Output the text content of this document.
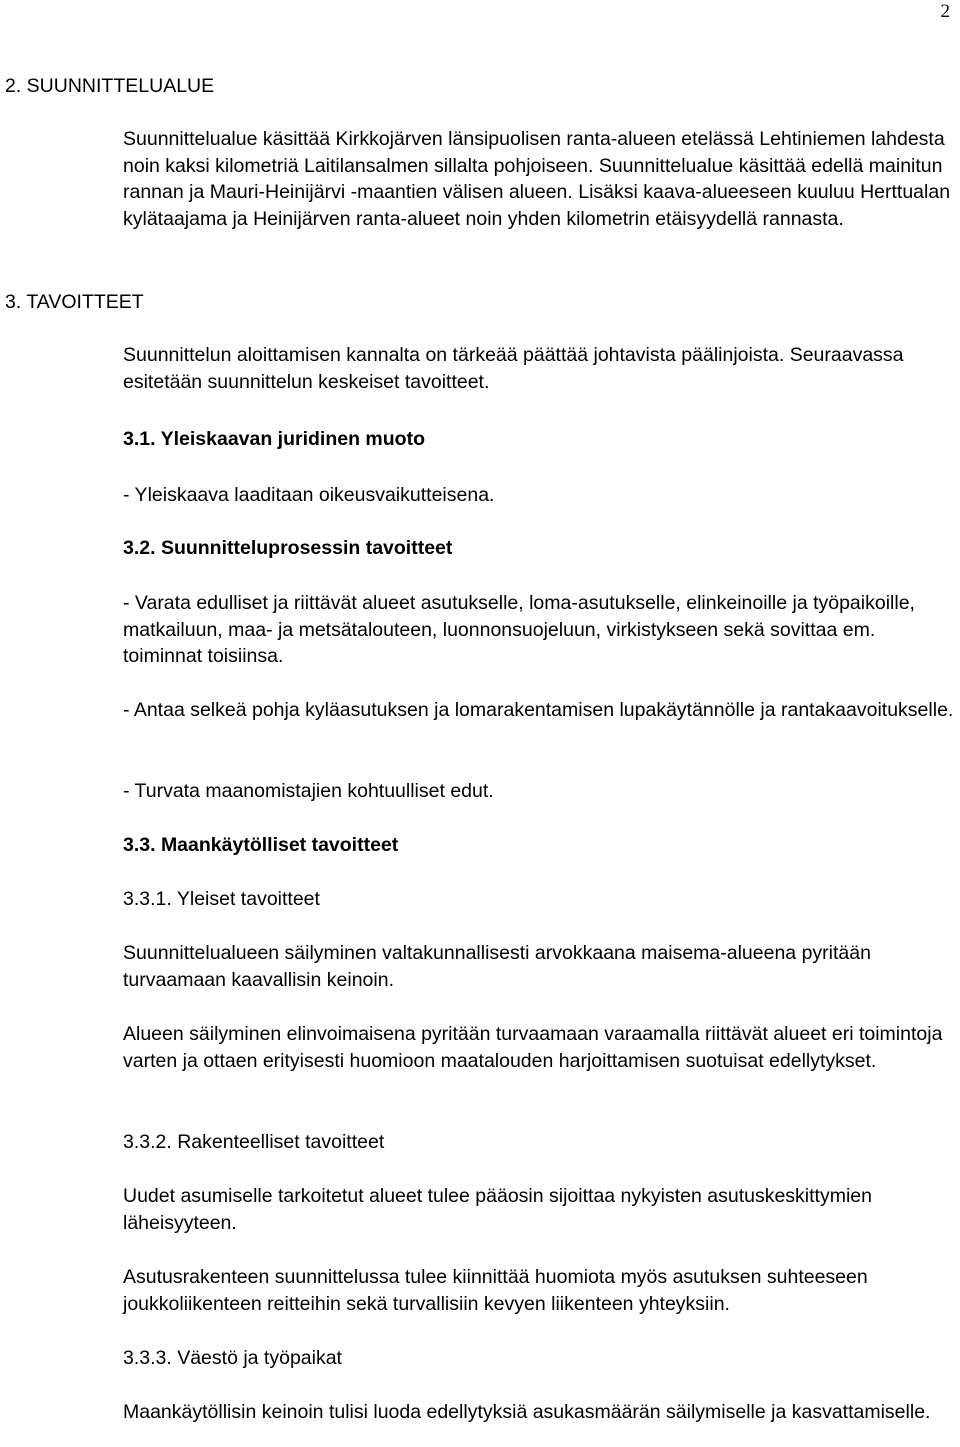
2
2. SUUNNITTELUALUE
3. TAVOITTEET

Suunnittelualue käsittää Kirkkojärven länsipuolisen ranta-alueen etelässä Lehtiniemen lahdesta noin kaksi kilometriä Laitilansalmen sillalta pohjoiseen. Suunnittelualue käsittää edellä mainitun rannan ja Mauri-Heinijärvi -maantien välisen alueen. Lisäksi kaava-alueeseen kuuluu Herttualan kylätaajama ja Heinijärven ranta-alueet noin yhden kilometrin etäisyydellä rannasta.

Suunnittelun aloittamisen kannalta on tärkeää päättää johtavista päälinjoista. Seuraavassa esitetään suunnittelun keskeiset tavoitteet.

3.1. Yleiskaavan juridinen muoto

- Yleiskaava laaditaan oikeusvaikutteisena.

3.2. Suunnitteluprosessin tavoitteet

- Varata edulliset ja riittävät alueet asutukselle, loma-asutukselle, elinkeinoille ja työpaikoille, matkailuun, maa- ja metsätalouteen, luonnonsuojeluun, virkistykseen sekä sovittaa em. toiminnat toisiinsa.

- Antaa selkeä pohja kyläasutuksen ja lomarakentamisen lupakäytännölle ja rantakaavoitukselle.

- Turvata maanomistajien kohtuulliset edut.

3.3. Maankäytölliset tavoitteet

3.3.1. Yleiset tavoitteet

Suunnittelualueen säilyminen valtakunnallisesti arvokkaana maisema-alueena pyritään turvaamaan kaavallisin keinoin.

Alueen säilyminen elinvoimaisena pyritään turvaamaan varaamalla riittävät alueet eri toimintoja varten ja ottaen erityisesti huomioon maatalouden harjoittamisen suotuisat edellytykset.

3.3.2. Rakenteelliset tavoitteet

Uudet asumiselle tarkoitetut alueet tulee pääosin sijoittaa nykyisten asutuskeskittymien läheisyyteen.

Asutusrakenteen suunnittelussa tulee kiinnittää huomiota myös asutuksen suhteeseen joukkoliikenteen reitteihin sekä turvallisiin kevyen liikenteen yhteyksiin.

3.3.3. Väestö ja työpaikat

Maankäytöllisin keinoin tulisi luoda edellytyksiä asukasmäärän säilymiselle ja kasvattamiselle.
